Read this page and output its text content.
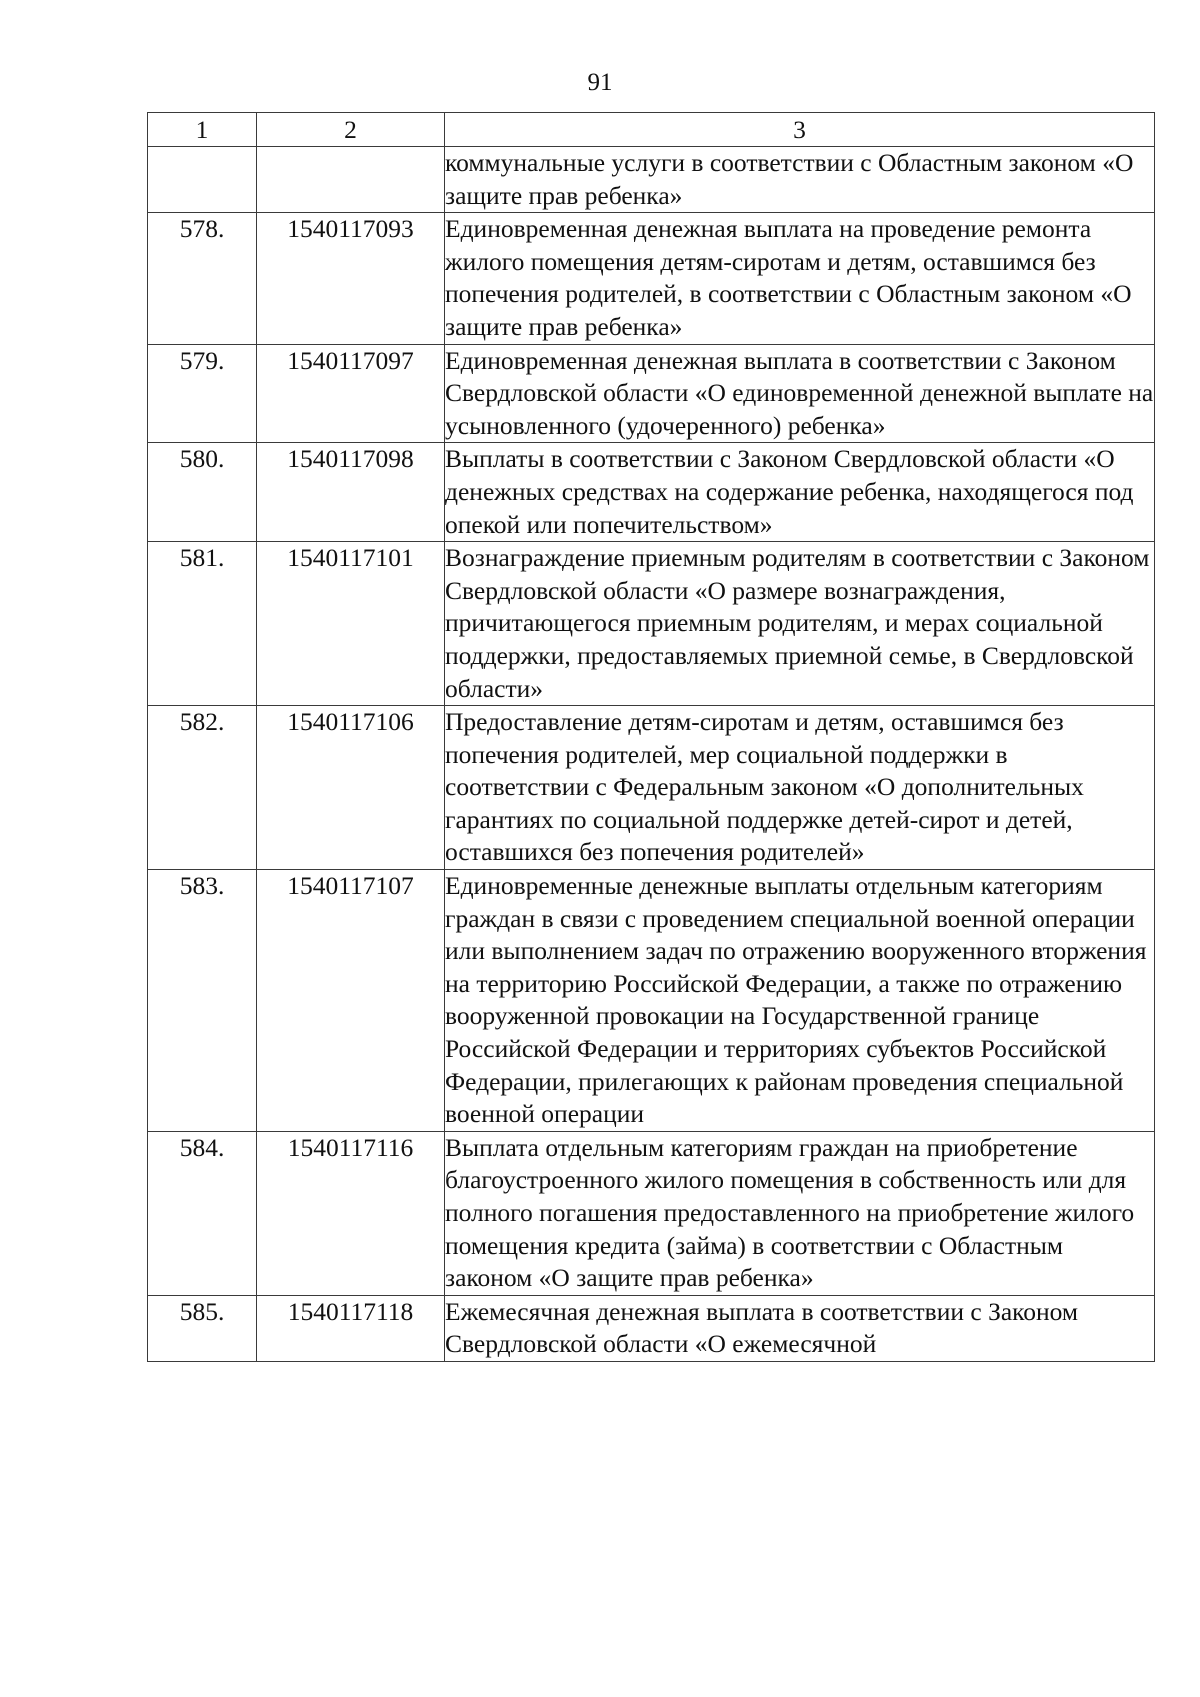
91
1	2	3
		коммунальные услуги в соответствии с Областным законом «О защите прав ребенка»
578.	1540117093	Единовременная денежная выплата на проведение ремонта жилого помещения детям-сиротам и детям, оставшимся без попечения родителей, в соответствии с Областным законом «О защите прав ребенка»
579.	1540117097	Единовременная денежная выплата в соответствии с Законом Свердловской области «О единовременной денежной выплате на усыновленного (удочеренного) ребенка»
580.	1540117098	Выплаты в соответствии с Законом Свердловской области «О денежных средствах на содержание ребенка, находящегося под опекой или попечительством»
581.	1540117101	Вознаграждение приемным родителям в соответствии с Законом Свердловской области «О размере вознаграждения, причитающегося приемным родителям, и мерах социальной поддержки, предоставляемых приемной семье, в Свердловской области»
582.	1540117106	Предоставление детям-сиротам и детям, оставшимся без попечения родителей, мер социальной поддержки в соответствии с Федеральным законом «О дополнительных гарантиях по социальной поддержке детей-сирот и детей, оставшихся без попечения родителей»
583.	1540117107	Единовременные денежные выплаты отдельным категориям граждан в связи с проведением специальной военной операции или выполнением задач по отражению вооруженного вторжения на территорию Российской Федерации, а также по отражению вооруженной провокации на Государственной границе Российской Федерации и территориях субъектов Российской Федерации, прилегающих к районам проведения специальной военной операции
584.	1540117116	Выплата отдельным категориям граждан на приобретение благоустроенного жилого помещения в собственность или для полного погашения предоставленного на приобретение жилого помещения кредита (займа) в соответствии с Областным законом «О защите прав ребенка»
585.	1540117118	Ежемесячная денежная выплата в соответствии с Законом Свердловской области «О ежемесячной
